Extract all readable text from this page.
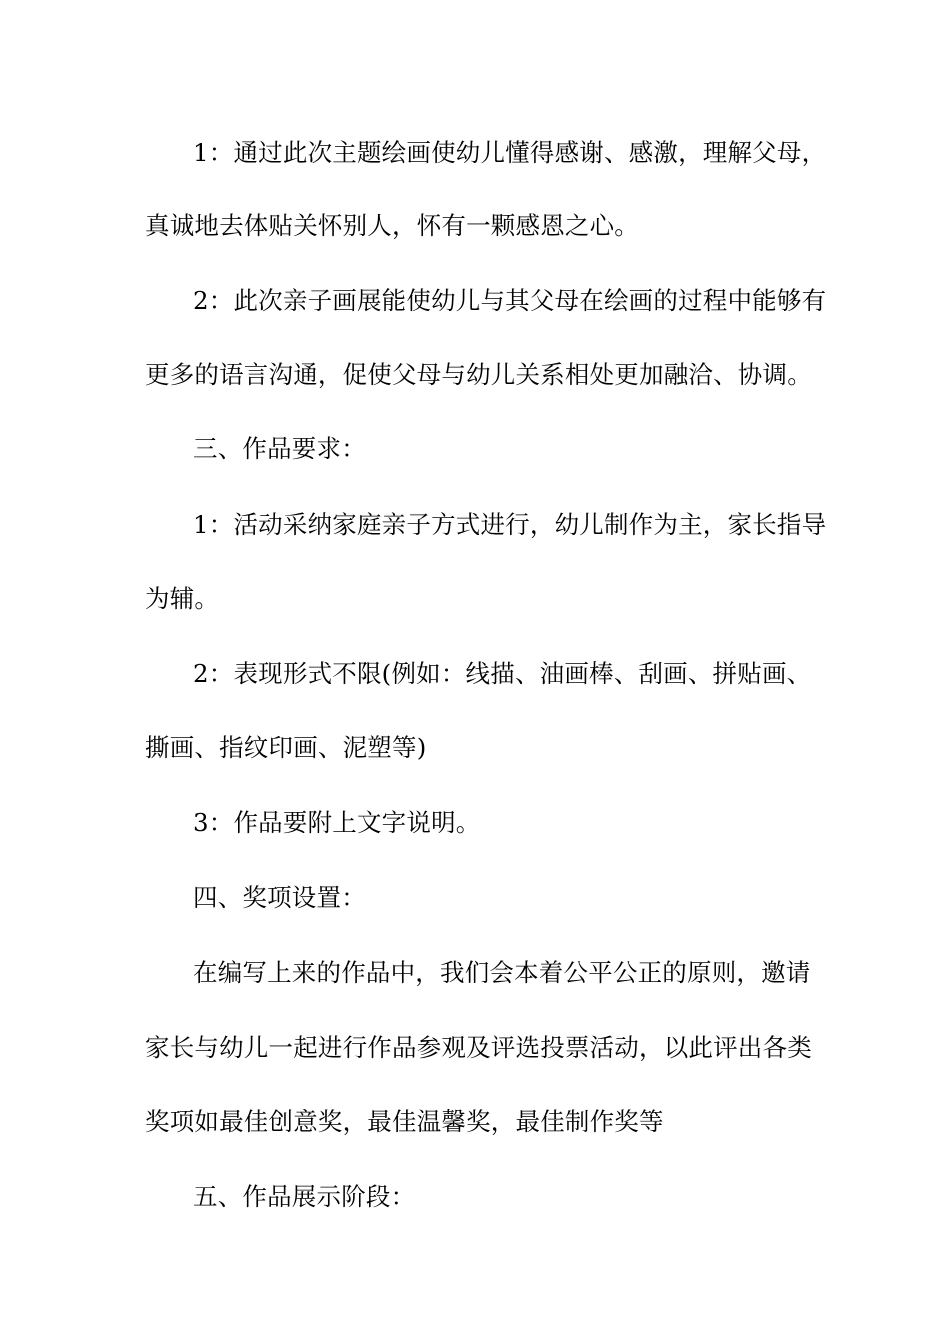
1：通过此次主题绘画使幼儿懂得感谢、感激，理解父母，
真诚地去体贴关怀别人，怀有一颗感恩之心。
2：此次亲子画展能使幼儿与其父母在绘画的过程中能够有
更多的语言沟通，促使父母与幼儿关系相处更加融洽、协调。
三、作品要求：
1：活动采纳家庭亲子方式进行，幼儿制作为主，家长指导
为辅。
2：表现形式不限(例如：线描、油画棒、刮画、拼贴画、
撕画、指纹印画、泥塑等)
3：作品要附上文字说明。
四、奖项设置：
在编写上来的作品中，我们会本着公平公正的原则，邀请
家长与幼儿一起进行作品参观及评选投票活动，以此评出各类
奖项如最佳创意奖，最佳温馨奖，最佳制作奖等
五、作品展示阶段：
